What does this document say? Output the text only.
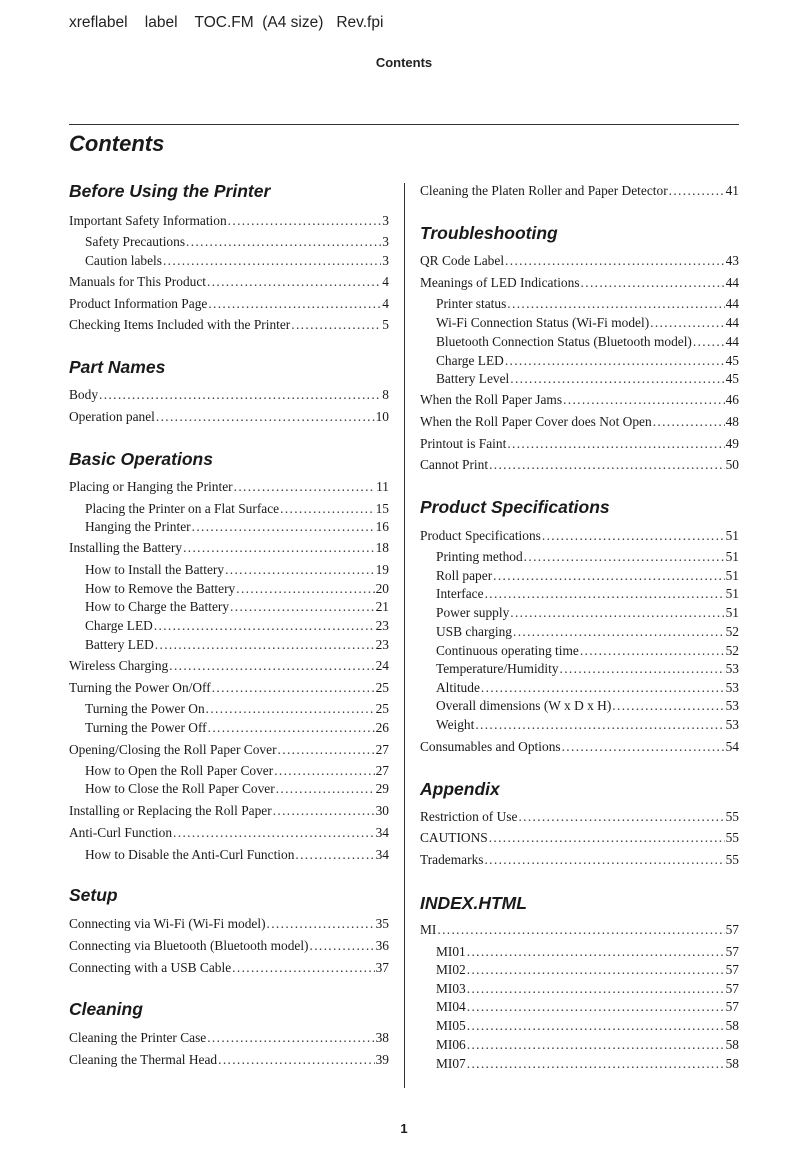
xreflabel    label    TOC.FM  (A4 size)   Rev.fpi
Contents
Contents
Before Using the Printer
Important Safety Information . . .	3
Safety Precautions . . .	3
Caution labels . . .	3
Manuals for This Product . . .	4
Product Information Page . . .	4
Checking Items Included with the Printer . . .	5
Part Names
Body . . .	8
Operation panel . . .	10
Basic Operations
Placing or Hanging the Printer . . .	11
Placing the Printer on a Flat Surface . . .	15
Hanging the Printer . . .	16
Installing the Battery . . .	18
How to Install the Battery . . .	19
How to Remove the Battery . . .	20
How to Charge the Battery . . .	21
Charge LED . . .	23
Battery LED . . .	23
Wireless Charging . . .	24
Turning the Power On/Off . . .	25
Turning the Power On . . .	25
Turning the Power Off . . .	26
Opening/Closing the Roll Paper Cover . . .	27
How to Open the Roll Paper Cover . . .	27
How to Close the Roll Paper Cover . . .	29
Installing or Replacing the Roll Paper . . .	30
Anti-Curl Function . . .	34
How to Disable the Anti-Curl Function . . .	34
Setup
Connecting via Wi-Fi (Wi-Fi model) . . .	35
Connecting via Bluetooth (Bluetooth model) . . .	36
Connecting with a USB Cable . . .	37
Cleaning
Cleaning the Printer Case . . .	38
Cleaning the Thermal Head . . .	39
Cleaning the Platen Roller and Paper Detector . . .	41
Troubleshooting
QR Code Label . . .	43
Meanings of LED Indications . . .	44
Printer status . . .	44
Wi-Fi Connection Status (Wi-Fi model) . . .	44
Bluetooth Connection Status (Bluetooth model) . . .	44
Charge LED . . .	45
Battery Level . . .	45
When the Roll Paper Jams . . .	46
When the Roll Paper Cover does Not Open . . .	48
Printout is Faint . . .	49
Cannot Print . . .	50
Product Specifications
Product Specifications . . .	51
Printing method . . .	51
Roll paper . . .	51
Interface . . .	51
Power supply . . .	51
USB charging . . .	52
Continuous operating time . . .	52
Temperature/Humidity . . .	53
Altitude . . .	53
Overall dimensions (W x D x H) . . .	53
Weight . . .	53
Consumables and Options . . .	54
Appendix
Restriction of Use . . .	55
CAUTIONS . . .	55
Trademarks . . .	55
INDEX.HTML
MI . . .	57
MI01 . . .	57
MI02 . . .	57
MI03 . . .	57
MI04 . . .	57
MI05 . . .	58
MI06 . . .	58
MI07 . . .	58
1
